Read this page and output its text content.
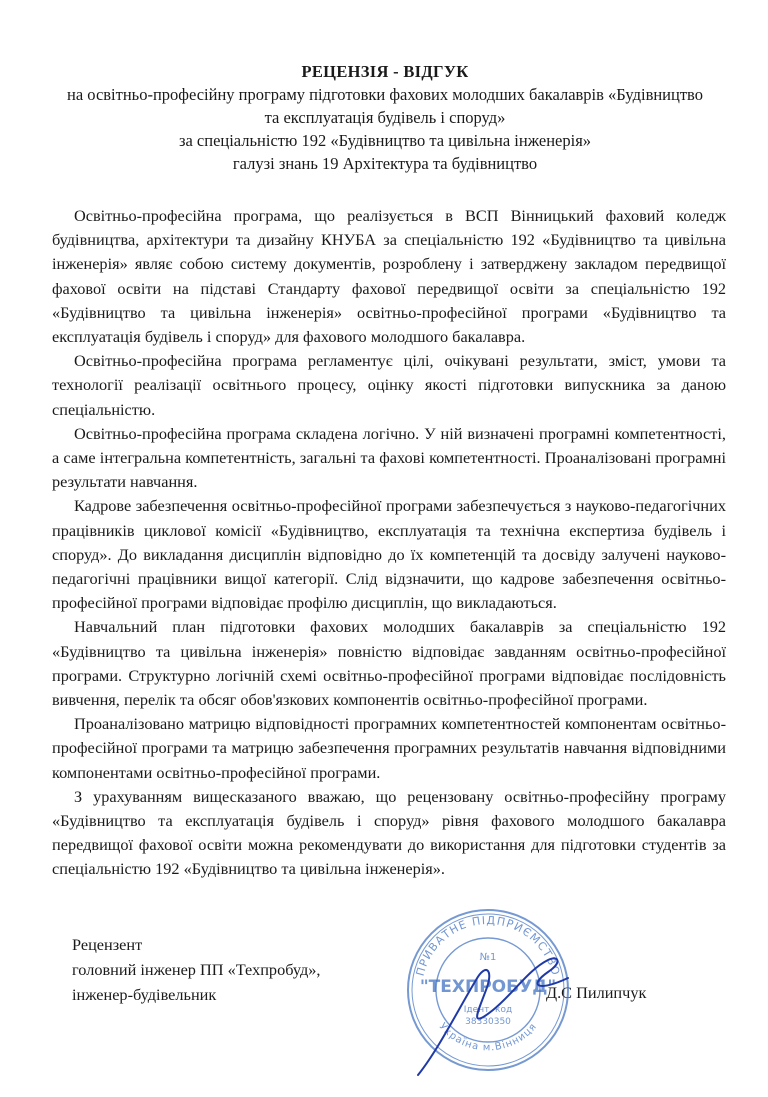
РЕЦЕНЗІЯ - ВІДГУК
на освітньо-професійну програму підготовки фахових молодших бакалаврів «Будівництво
та експлуатація будівель і споруд»
за спеціальністю 192 «Будівництво та цивільна інженерія»
галузі знань 19 Архітектура та будівництво

Освітньо-професійна програма, що реалізується в ВСП Вінницький фаховий коледж будівництва, архітектури та дизайну КНУБА за спеціальністю 192 «Будівництво та цивільна інженерія» являє собою систему документів, розроблену і затверджену закладом передвищої фахової освіти на підставі Стандарту фахової передвищої освіти за спеціальністю 192 «Будівництво та цивільна інженерія» освітньо-професійної програми «Будівництво та експлуатація будівель і споруд» для фахового молодшого бакалавра.

Освітньо-професійна програма регламентує цілі, очікувані результати, зміст, умови та технології реалізації освітнього процесу, оцінку якості підготовки випускника за даною спеціальністю.

Освітньо-професійна програма складена логічно. У ній визначені програмні компетентності, а саме інтегральна компетентність, загальні та фахові компетентності. Проаналізовані програмні результати навчання.

Кадрове забезпечення освітньо-професійної програми забезпечується з науково-педагогічних працівників циклової комісії «Будівництво, експлуатація та технічна експертиза будівель і споруд». До викладання дисциплін відповідно до їх компетенцій та досвіду залучені науково-педагогічні працівники вищої категорії. Слід відзначити, що кадрове забезпечення освітньо-професійної програми відповідає профілю дисциплін, що викладаються.

Навчальний план підготовки фахових молодших бакалаврів за спеціальністю 192 «Будівництво та цивільна інженерія» повністю відповідає завданням освітньо-професійної програми. Структурно логічній схемі освітньо-професійної програми відповідає послідовність вивчення, перелік та обсяг обов'язкових компонентів освітньо-професійної програми.

Проаналізовано матрицю відповідності програмних компетентностей компонентам освітньо-професійної програми та матрицю забезпечення програмних результатів навчання відповідними компонентами освітньо-професійної програми.

З урахуванням вищесказаного вважаю, що рецензовану освітньо-професійну програму «Будівництво та експлуатація будівель і споруд» рівня фахового молодшого бакалавра передвищої фахової освіти можна рекомендувати до використання для підготовки студентів за спеціальністю 192 «Будівництво та цивільна інженерія».

Рецензент
головний інженер ПП «Техпробуд»,
інженер-будівельник	Д.С Пилипчук
ПРИВАТНЕ ПІДПРИЄМСТВО
Україна м.Вінниця
№1
"ТЕХПРОБУД"
Ідент. код
38330350
